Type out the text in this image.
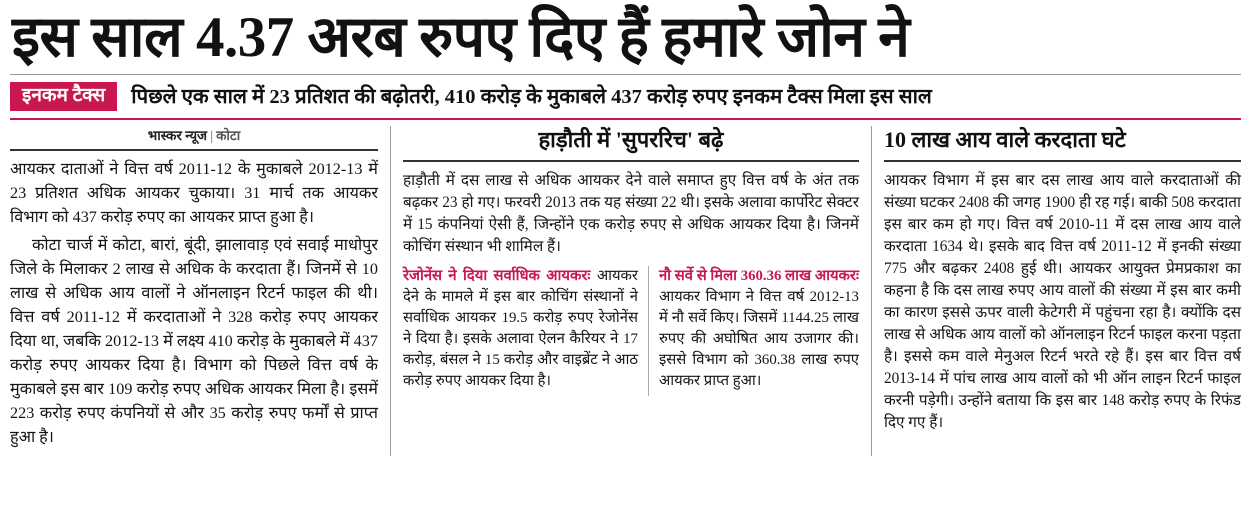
इस साल 4.37 अरब रुपए दिए हैं हमारे जोन ने
इनकम टैक्स	पिछले एक साल में 23 प्रतिशत की बढ़ोतरी, 410 करोड़ के मुकाबले 437 करोड़ रुपए इनकम टैक्स मिला इस साल
भास्कर न्यूज | कोटा

आयकर दाताओं ने वित्त वर्ष 2011-12 के मुकाबले 2012-13 में 23 प्रतिशत अधिक आयकर चुकाया। 31 मार्च तक आयकर विभाग को 437 करोड़ रुपए का आयकर प्राप्त हुआ है।

कोटा चार्ज में कोटा, बारां, बूंदी, झालावाड़ एवं सवाई माधोपुर जिले के मिलाकर 2 लाख से अधिक के करदाता हैं। जिनमें से 10 लाख से अधिक आय वालों ने ऑनलाइन रिटर्न फाइल की थी। वित्त वर्ष 2011-12 में करदाताओं ने 328 करोड़ रुपए आयकर दिया था, जबकि 2012-13 में लक्ष्य 410 करोड़ के मुकाबले में 437 करोड़ रुपए आयकर दिया है। विभाग को पिछले वित्त वर्ष के मुकाबले इस बार 109 करोड़ रुपए अधिक आयकर मिला है। इसमें 223 करोड़ रुपए कंपनियों से और 35 करोड़ रुपए फर्मों से प्राप्त हुआ है।

हाड़ौती में 'सुपररिच' बढ़े

हाड़ौती में दस लाख से अधिक आयकर देने वाले समाप्त हुए वित्त वर्ष के अंत तक बढ़कर 23 हो गए। फरवरी 2013 तक यह संख्या 22 थी। इसके अलावा कार्पोरेट सेक्टर में 15 कंपनियां ऐसी हैं, जिन्होंने एक करोड़ रुपए से अधिक आयकर दिया है। जिनमें कोचिंग संस्थान भी शामिल हैं।

रेजोनेंस ने दिया सर्वाधिक आयकरः आयकर देने के मामले में इस बार कोचिंग संस्थानों ने सर्वाधिक आयकर 19.5 करोड़ रुपए रेजोनेंस ने दिया है। इसके अलावा ऐलन कैरियर ने 17 करोड़, बंसल ने 15 करोड़ और वाइब्रेंट ने आठ करोड़ रुपए आयकर दिया है।

नौ सर्वे से मिला 360.36 लाख आयकरः आयकर विभाग ने वित्त वर्ष 2012-13 में नौ सर्वे किए। जिसमें 1144.25 लाख रुपए की अघोषित आय उजागर की। इससे विभाग को 360.38 लाख रुपए आयकर प्राप्त हुआ।

10 लाख आय वाले करदाता घटे

आयकर विभाग में इस बार दस लाख आय वाले करदाताओं की संख्या घटकर 2408 की जगह 1900 ही रह गई। बाकी 508 करदाता इस बार कम हो गए। वित्त वर्ष 2010-11 में दस लाख आय वाले करदाता 1634 थे। इसके बाद वित्त वर्ष 2011-12 में इनकी संख्या 775 और बढ़कर 2408 हुई थी। आयकर आयुक्त प्रेमप्रकाश का कहना है कि दस लाख रुपए आय वालों की संख्या में इस बार कमी का कारण इससे ऊपर वाली केटेगरी में पहुंचना रहा है। क्योंकि दस लाख से अधिक आय वालों को ऑनलाइन रिटर्न फाइल करना पड़ता है। इससे कम वाले मेनुअल रिटर्न भरते रहे हैं। इस बार वित्त वर्ष 2013-14 में पांच लाख आय वालों को भी ऑन लाइन रिटर्न फाइल करनी पड़ेगी। उन्होंने बताया कि इस बार 148 करोड़ रुपए के रिफंड दिए गए हैं।
